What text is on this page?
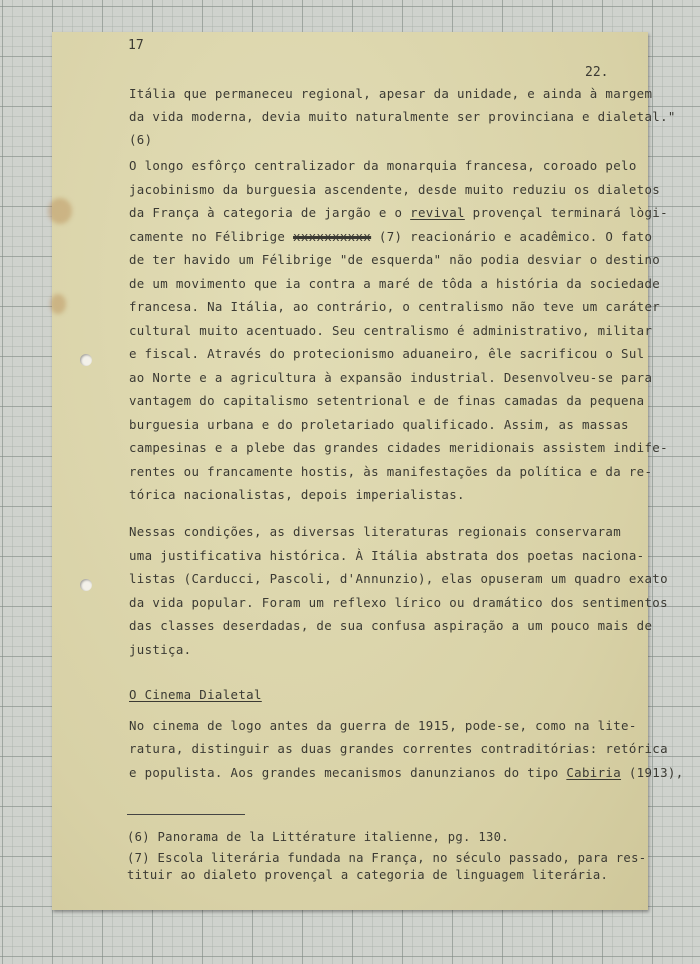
17
22.
Itália que permaneceu regional, apesar da unidade, e ainda à margem
da vida moderna, devia muito naturalmente ser provinciana e dialetal."
(6)
O longo esfôrço centralizador da monarquia francesa, coroado pelo
jacobinismo da burguesia ascendente, desde muito reduziu os dialetos
da França à categoria de jargão e o revival provençal terminará lògi-
camente no Félibrige xxxxxxxxxx (7) reacionário e acadêmico. O fato
de ter havido um Félibrige "de esquerda" não podia desviar o destino
de um movimento que ia contra a maré de tôda a história da sociedade
francesa. Na Itália, ao contrário, o centralismo não teve um caráter
cultural muito acentuado. Seu centralismo é administrativo, militar
e fiscal. Através do protecionismo aduaneiro, êle sacrificou o Sul
ao Norte e a agricultura à expansão industrial. Desenvolveu-se para
vantagem do capitalismo setentrional e de finas camadas da pequena
burguesia urbana e do proletariado qualificado. Assim, as massas
campesinas e a plebe das grandes cidades meridionais assistem indife-
rentes ou francamente hostis, às manifestações da política e da re-
tórica nacionalistas, depois imperialistas.
Nessas condições, as diversas literaturas regionais conservaram
uma justificativa histórica. À Itália abstrata dos poetas naciona-
listas (Carducci, Pascoli, d'Annunzio), elas opuseram um quadro exato
da vida popular. Foram um reflexo lírico ou dramático dos sentimentos
das classes deserdadas, de sua confusa aspiração a um pouco mais de
justiça.
O Cinema Dialetal
No cinema de logo antes da guerra de 1915, pode-se, como na lite-
ratura, distinguir as duas grandes correntes contraditórias: retórica
e populista. Aos grandes mecanismos danunzianos do tipo Cabiria (1913),
(6) Panorama de la Littérature italienne, pg. 130.
(7) Escola literária fundada na França, no século passado, para res-
tituir ao dialeto provençal a categoria de linguagem literária.
